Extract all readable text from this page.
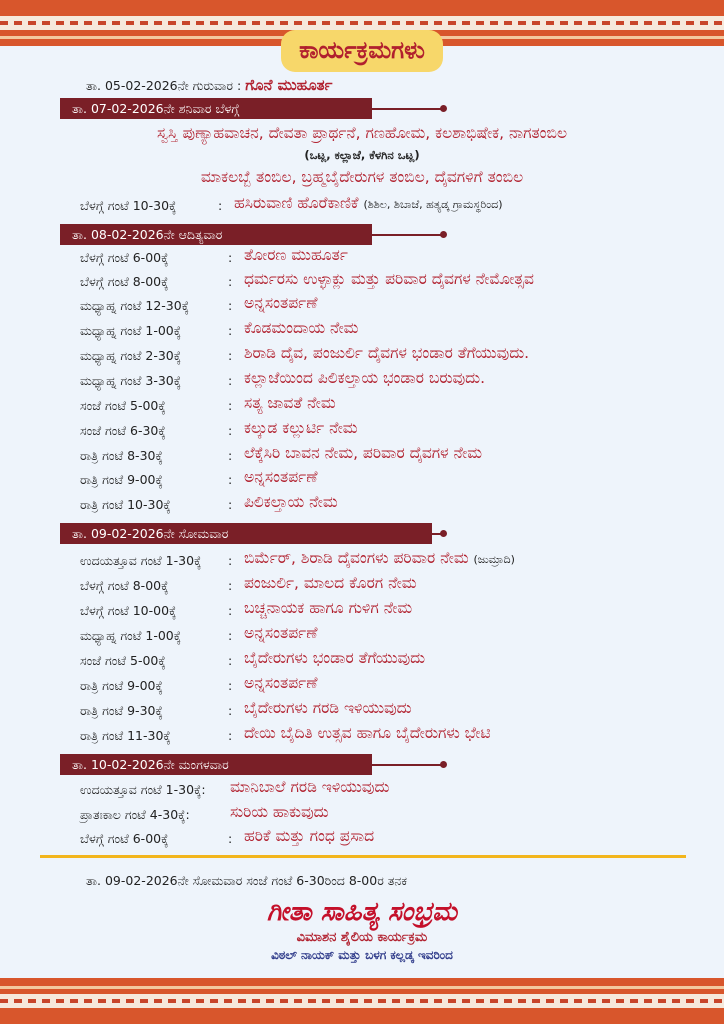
ಕಾರ್ಯಕ್ರಮಗಳು
ತಾ. 05-02-2026ನೇ ಗುರುವಾರ : ಗೊನೆ ಮುಹೂರ್ತ
ತಾ. 07-02-2026ನೇ ಶನಿವಾರ ಬೆಳಗ್ಗೆ
ಸ್ವಸ್ತಿ ಪುಣ್ಯಾಹವಾಚನ, ದೇವತಾ ಪ್ರಾರ್ಥನೆ, ಗಣಹೋಮ, ಕಲಶಾಭಿಷೇಕ, ನಾಗತಂಬಿಲ
(ಒಟ್ಲ, ಕಲ್ಲಾಜೆ, ಕೆಳಗಿನ ಒಟ್ಲ)
ಮಾಕಲಬ್ಬೆ ತಂಬಿಲ, ಬ್ರಹ್ಮಬೈದೇರುಗಳ ತಂಬಿಲ, ದೈವಗಳಿಗೆ ತಂಬಿಲ
ಬೆಳಗ್ಗೆ ಗಂಟೆ 10-30ಕ್ಕೆ	: ಹಸಿರುವಾಣಿ ಹೊರೆಕಾಣಿಕೆ (ಶಿಶಿಲ, ಶಿಬಾಜೆ, ಹತ್ಯಡ್ಕ ಗ್ರಾಮಸ್ಥರಿಂದ)
ತಾ. 08-02-2026ನೇ ಆದಿತ್ಯವಾರ
ಬೆಳಗ್ಗೆ ಗಂಟೆ 6-00ಕ್ಕೆ	: ತೋರಣ ಮುಹೂರ್ತ
ಬೆಳಗ್ಗೆ ಗಂಟೆ 8-00ಕ್ಕೆ	: ಧರ್ಮರಸು ಉಳ್ಳಾಕ್ಲು ಮತ್ತು ಪರಿವಾರ ದೈವಗಳ ನೇಮೋತ್ಸವ
ಮಧ್ಯಾಹ್ನ ಗಂಟೆ 12-30ಕ್ಕೆ	: ಅನ್ನಸಂತರ್ಪಣೆ
ಮಧ್ಯಾಹ್ನ ಗಂಟೆ 1-00ಕ್ಕೆ	: ಕೊಡಮಂದಾಯ ನೇಮ
ಮಧ್ಯಾಹ್ನ ಗಂಟೆ 2-30ಕ್ಕೆ	: ಶಿರಾಡಿ ದೈವ, ಪಂಜುರ್ಲಿ ದೈವಗಳ ಭಂಡಾರ ತೆಗೆಯುವುದು.
ಮಧ್ಯಾಹ್ನ ಗಂಟೆ 3-30ಕ್ಕೆ	: ಕಲ್ಲಾಜೆಯಿಂದ ಪಿಲಿಕಲ್ತಾಯ ಭಂಡಾರ ಬರುವುದು.
ಸಂಜೆ ಗಂಟೆ 5-00ಕ್ಕೆ	: ಸತ್ಯ ಜಾವತೆ ನೇಮ
ಸಂಜೆ ಗಂಟೆ 6-30ಕ್ಕೆ	: ಕಲ್ಕುಡ ಕಲ್ಲುರ್ಟಿ ನೇಮ
ರಾತ್ರಿ ಗಂಟೆ 8-30ಕ್ಕೆ	: ಲೆಕ್ಕೆಸಿರಿ ಬಾವನ ನೇಮ, ಪರಿವಾರ ದೈವಗಳ ನೇಮ
ರಾತ್ರಿ ಗಂಟೆ 9-00ಕ್ಕೆ	: ಅನ್ನಸಂತರ್ಪಣೆ
ರಾತ್ರಿ ಗಂಟೆ 10-30ಕ್ಕೆ	: ಪಿಲಿಕಲ್ತಾಯ ನೇಮ
ತಾ. 09-02-2026ನೇ ಸೋಮವಾರ
ಉದಯತ್ತೂವ ಗಂಟೆ 1-30ಕ್ಕೆ : ಬಿರ್ಮೆರ್, ಶಿರಾಡಿ ದೈವಂಗಳು ಪರಿವಾರ ನೇಮ (ಜುಮ್ರಾದಿ)
ಬೆಳಗ್ಗೆ ಗಂಟೆ 8-00ಕ್ಕೆ	: ಪಂಜುರ್ಲಿ, ಮಾಲದ ಕೊರಗ ನೇಮ
ಬೆಳಗ್ಗೆ ಗಂಟೆ 10-00ಕ್ಕೆ	: ಬಚ್ಚನಾಯಕ ಹಾಗೂ ಗುಳಿಗ ನೇಮ
ಮಧ್ಯಾಹ್ನ ಗಂಟೆ 1-00ಕ್ಕೆ	: ಅನ್ನಸಂತರ್ಪಣೆ
ಸಂಜೆ ಗಂಟೆ 5-00ಕ್ಕೆ	: ಬೈದೇರುಗಳು ಭಂಡಾರ ತೆಗೆಯುವುದು
ರಾತ್ರಿ ಗಂಟೆ 9-00ಕ್ಕೆ	: ಅನ್ನಸಂತರ್ಪಣೆ
ರಾತ್ರಿ ಗಂಟೆ 9-30ಕ್ಕೆ	: ಬೈದೇರುಗಳು ಗರಡಿ ಇಳಿಯುವುದು
ರಾತ್ರಿ ಗಂಟೆ 11-30ಕ್ಕೆ	: ದೇಯಿ ಬೈದಿತಿ ಉತ್ಸವ ಹಾಗೂ ಬೈದೇರುಗಳು ಭೇಟಿ
ತಾ. 10-02-2026ನೇ ಮಂಗಳವಾರ
ಉದಯತ್ತೂವ ಗಂಟೆ 1-30ಕ್ಕೆ: ಮಾನಿಬಾಲೆ ಗರಡಿ ಇಳಿಯುವುದು
ಪ್ರಾತಃಕಾಲ ಗಂಟೆ 4-30ಕ್ಕೆ:	ಸುರಿಯ ಹಾಕುವುದು
ಬೆಳಗ್ಗೆ ಗಂಟೆ 6-00ಕ್ಕೆ	: ಹರಿಕೆ ಮತ್ತು ಗಂಧ ಪ್ರಸಾದ
ತಾ. 09-02-2026ನೇ ಸೋಮವಾರ ಸಂಜೆ ಗಂಟೆ 6-30ರಿಂದ 8-00ರ ತನಕ
ಗೀತಾ ಸಾಹಿತ್ಯ ಸಂಭ್ರಮ
ವಿಮಾಶನ ಶೈಲಿಯ ಕಾರ್ಯಕ್ರಮ
ವಿಠಲ್ ನಾಯಕ್ ಮತ್ತು ಬಳಗ ಕಲ್ಲಡ್ಕ ಇವರಿಂದ
